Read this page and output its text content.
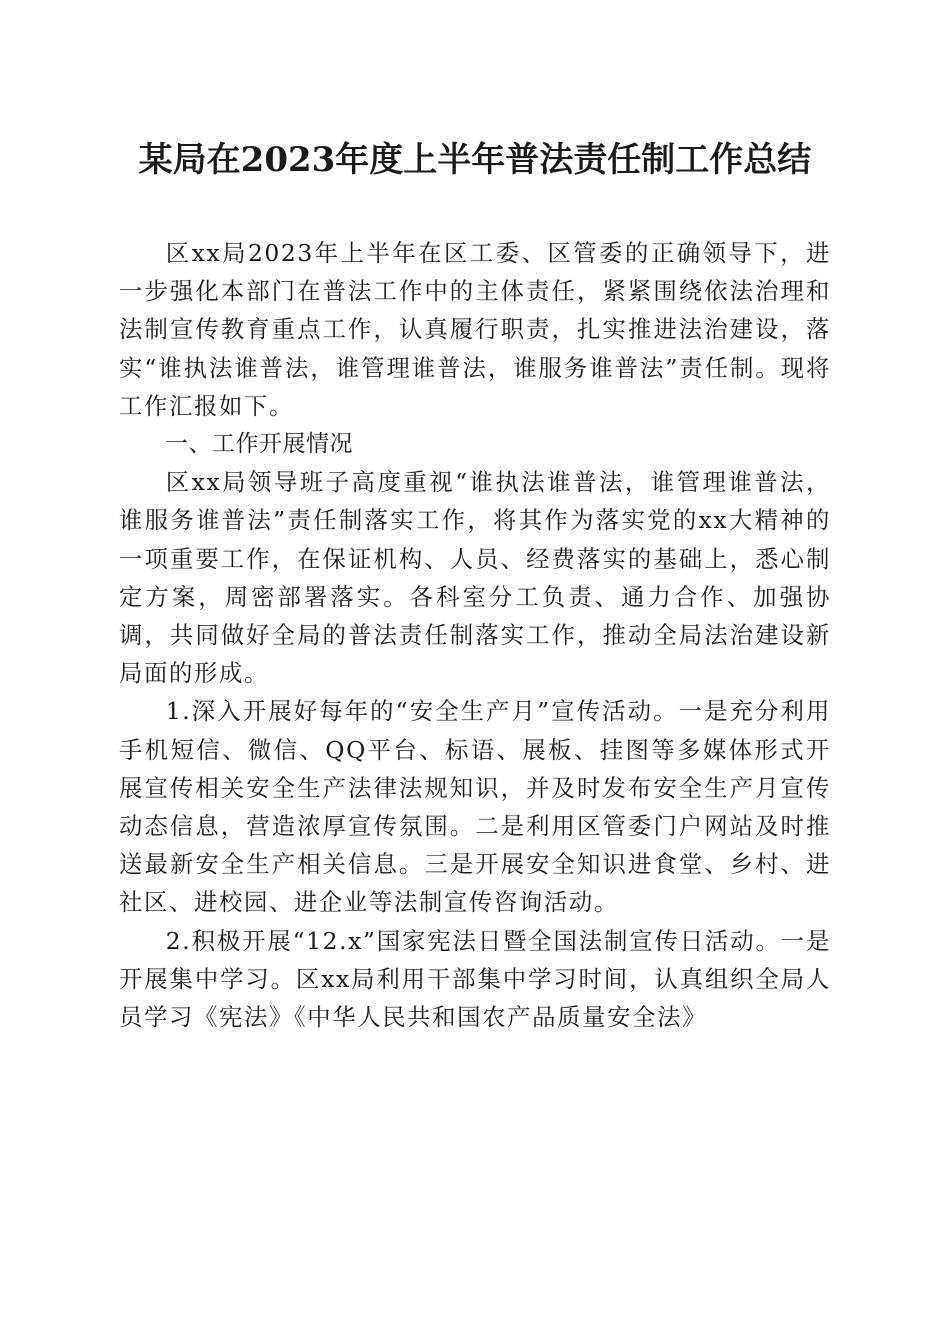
某局在2023年度上半年普法责任制工作总结

区xx局2023年上半年在区工委、区管委的正确领导下，进一步强化本部门在普法工作中的主体责任，紧紧围绕依法治理和法制宣传教育重点工作，认真履行职责，扎实推进法治建设，落实“谁执法谁普法，谁管理谁普法，谁服务谁普法”责任制。现将工作汇报如下。

一、工作开展情况

区xx局领导班子高度重视“谁执法谁普法，谁管理谁普法，谁服务谁普法”责任制落实工作，将其作为落实党的xx大精神的一项重要工作，在保证机构、人员、经费落实的基础上，悉心制定方案，周密部署落实。各科室分工负责、通力合作、加强协调，共同做好全局的普法责任制落实工作，推动全局法治建设新局面的形成。

1.深入开展好每年的“安全生产月”宣传活动。一是充分利用手机短信、微信、QQ平台、标语、展板、挂图等多媒体形式开展宣传相关安全生产法律法规知识，并及时发布安全生产月宣传动态信息，营造浓厚宣传氛围。二是利用区管委门户网站及时推送最新安全生产相关信息。三是开展安全知识进食堂、乡村、进社区、进校园、进企业等法制宣传咨询活动。

2.积极开展“12.x”国家宪法日暨全国法制宣传日活动。一是开展集中学习。区xx局利用干部集中学习时间，认真组织全局人员学习《宪法》《中华人民共和国农产品质量安全法》
